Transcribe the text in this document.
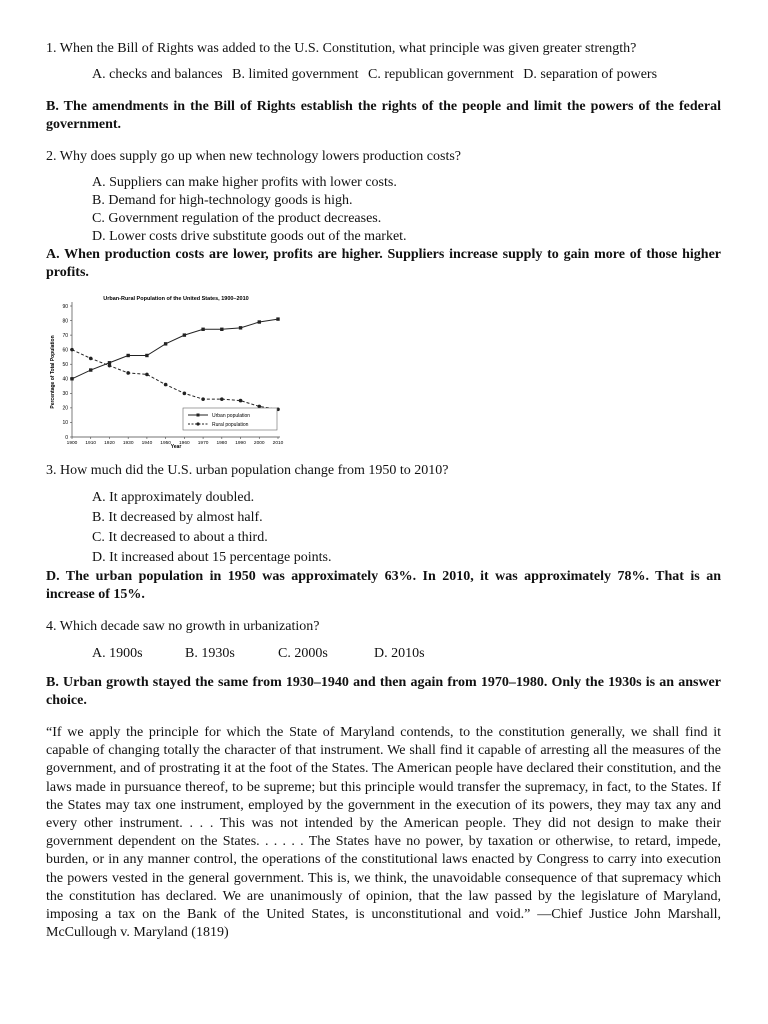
1. When the Bill of Rights was added to the U.S. Constitution, what principle was given greater strength?

A. checks and balances B. limited government C. republican government D. separation of powers

B. The amendments in the Bill of Rights establish the rights of the people and limit the powers of the federal government.

2. Why does supply go up when new technology lowers production costs?

A. Suppliers can make higher profits with lower costs.

B. Demand for high-technology goods is high.

C. Government regulation of the product decreases.

D. Lower costs drive substitute goods out of the market.

A. When production costs are lower, profits are higher. Suppliers increase supply to gain more of those higher profits.

Urban-Rural Population of the United States, 1900–2010
Percentage of Total Population
Year
0
10
20
30
40
50
60
70
80
90
1900 1910 1920 1930 1940 1950 1960 1970 1980 1990 2000 2010
Urban population
Rural population

3. How much did the U.S. urban population change from 1950 to 2010?

A. It approximately doubled.

B. It decreased by almost half.

C. It decreased to about a third.

D. It increased about 15 percentage points.

D. The urban population in 1950 was approximately 63%. In 2010, it was approximately 78%. That is an increase of 15%.

4. Which decade saw no growth in urbanization?

A. 1900s	B. 1930s	C. 2000s	D. 2010s

B. Urban growth stayed the same from 1930–1940 and then again from 1970–1980. Only the 1930s is an answer choice.

“If we apply the principle for which the State of Maryland contends, to the constitution generally, we shall find it capable of changing totally the character of that instrument. We shall find it capable of arresting all the measures of the government, and of prostrating it at the foot of the States. The American people have declared their constitution, and the laws made in pursuance thereof, to be supreme; but this principle would transfer the supremacy, in fact, to the States. If the States may tax one instrument, employed by the government in the execution of its powers, they may tax any and every other instrument. . . . This was not intended by the American people. They did not design to make their government dependent on the States. . . . . . The States have no power, by taxation or otherwise, to retard, impede, burden, or in any manner control, the operations of the constitutional laws enacted by Congress to carry into execution the powers vested in the general government. This is, we think, the unavoidable consequence of that supremacy which the constitution has declared. We are unanimously of opinion, that the law passed by the legislature of Maryland, imposing a tax on the Bank of the United States, is unconstitutional and void.” —Chief Justice John Marshall, McCullough v. Maryland (1819)
